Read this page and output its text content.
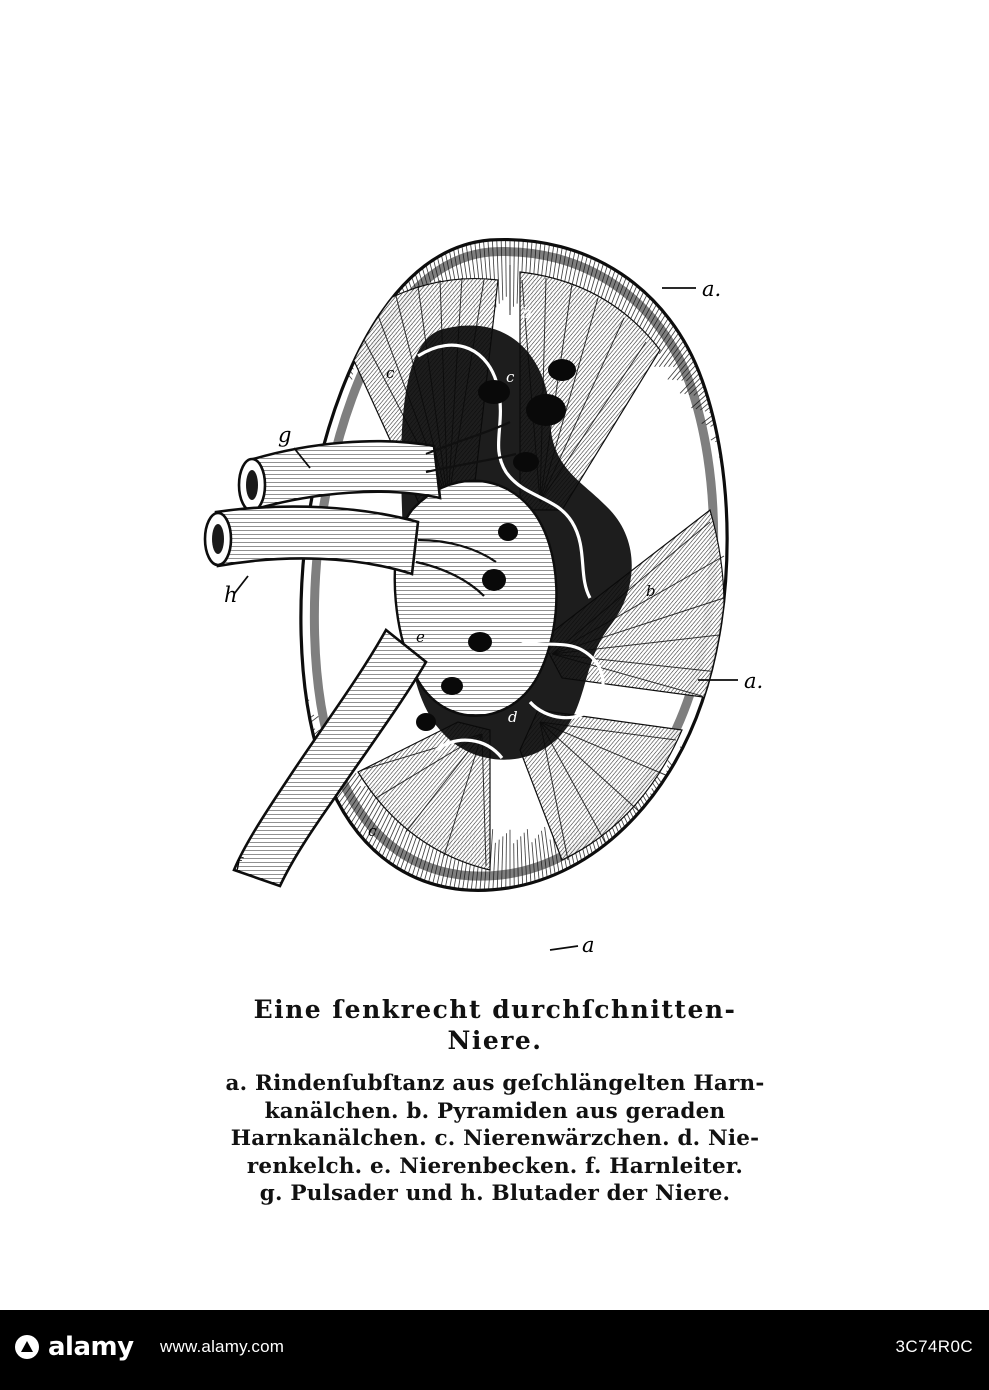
a.
b
c
c
g
h	b
a.
e
d
c
f
a
Eine ſenkrecht durchſchnitten‑
Niere.
a. Rindenſubſtanz aus geſchlängelten Harn‑
kanälchen. b. Pyramiden aus geraden
Harnkanälchen. c. Nierenwärzchen. d. Nie‑
renkelch. e. Nierenbecken. f. Harnleiter.
g. Pulsader und h. Blutader der Niere.
alamy www.alamy.com	3C74R0C
